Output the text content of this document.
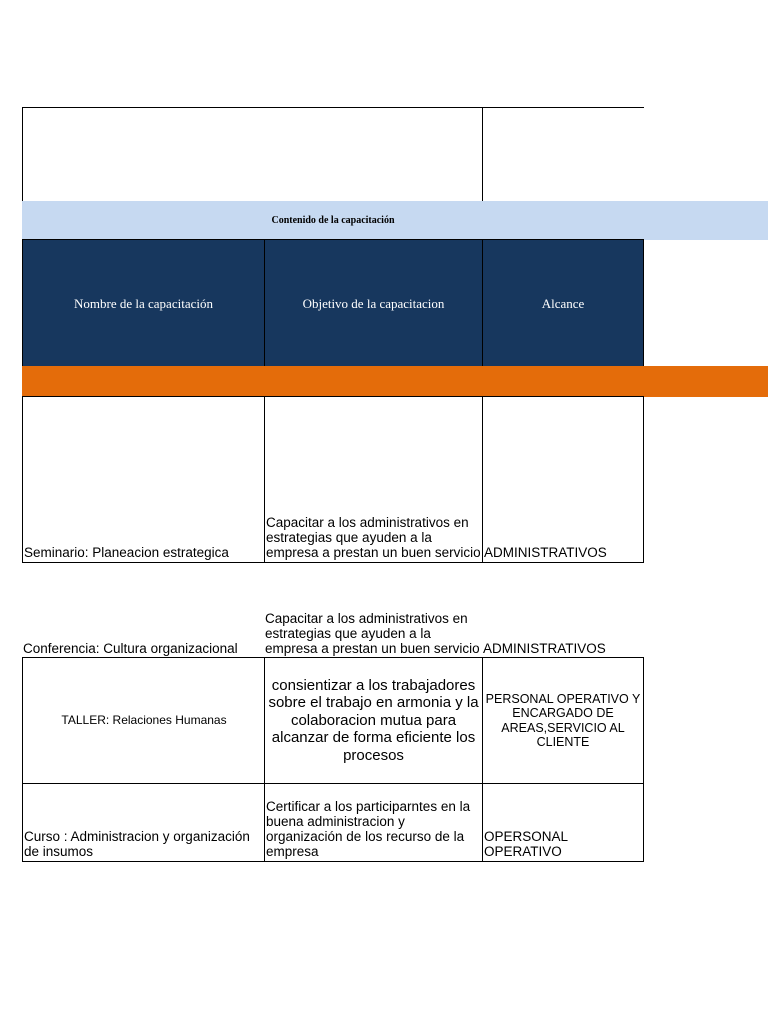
Contenido de la capacitación
Nombre de la capacitación	Objetivo de la capacitacion	Alcance
Seminario: Planeacion estrategica
Capacitar a los administrativos en estrategias que ayuden a la empresa a prestan un buen servicio ADMINISTRATIVOS
Conferencia: Cultura organizacional
Capacitar a los administrativos en estrategias que ayuden a la empresa a prestan un buen servicio ADMINISTRATIVOS
TALLER: Relaciones Humanas
consientizar a los trabajadores sobre el trabajo en armonia y la colaboracion mutua para alcanzar de forma eficiente los procesos
PERSONAL OPERATIVO Y ENCARGADO DE AREAS,SERVICIO AL CLIENTE
Curso : Administracion y organización de insumos
Certificar a los participarntes en la buena administracion y organización de los recurso de la empresa
OPERSONAL OPERATIVO
